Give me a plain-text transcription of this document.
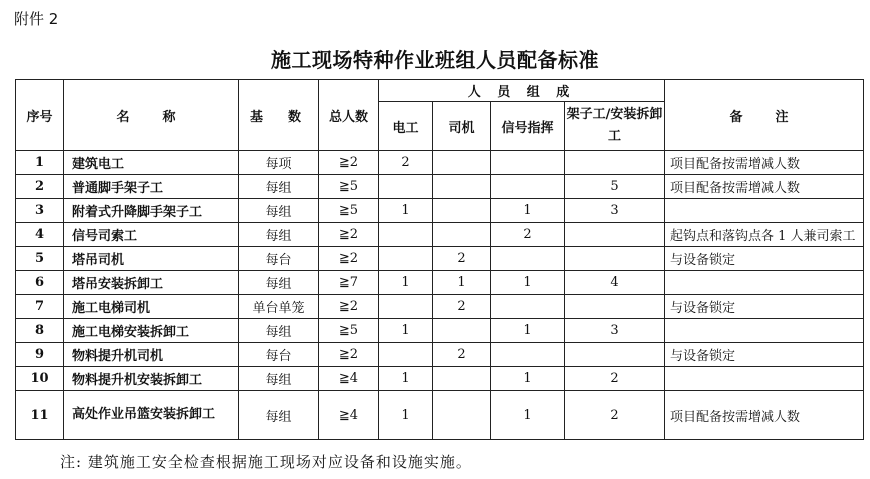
附件 2
施工现场特种作业班组人员配备标准
序号	名　称	基　数	总人数	人 员 组 成				备　注
				电工	司机	信号指挥	架子工/安装拆卸工	
1	建筑电工	每项	≧2	2				项目配备按需增减人数
2	普通脚手架子工	每组	≧5				5	项目配备按需增减人数
3	附着式升降脚手架子工	每组	≧5	1		1	3	
4	信号司索工	每组	≧2			2		起钩点和落钩点各 1 人兼司索工
5	塔吊司机	每台	≧2		2			与设备锁定
6	塔吊安装拆卸工	每组	≧7	1	1	1	4	
7	施工电梯司机	单台单笼	≧2		2			与设备锁定
8	施工电梯安装拆卸工	每组	≧5	1		1	3	
9	物料提升机司机	每台	≧2		2			与设备锁定
10	物料提升机安装拆卸工	每组	≧4	1		1	2	
11	高处作业吊篮安装拆卸工	每组	≧4	1		1	2	项目配备按需增减人数
注: 建筑施工安全检查根据施工现场对应设备和设施实施。
